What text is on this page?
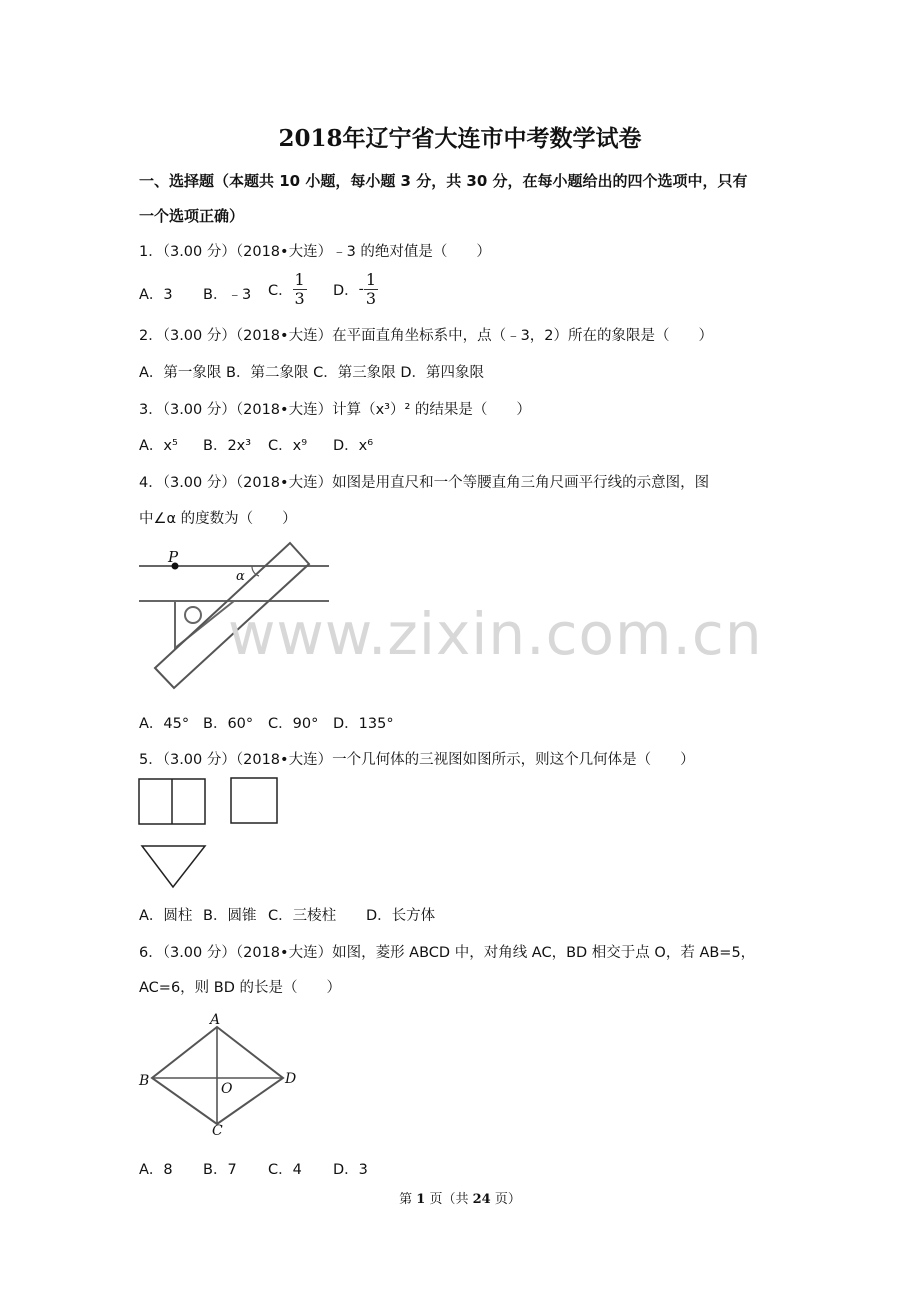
2018年辽宁省大连市中考数学试卷
一、选择题（本题共 10 小题，每小题 3 分，共 30 分，在每小题给出的四个选项中，只有
一个选项正确）
1．（3.00 分）（2018•大连）﹣3 的绝对值是（　　）
A．3 B．﹣3 C． $\frac{1}{3}$ D．- $\frac{1}{3}$
2．（3.00 分）（2018•大连）在平面直角坐标系中，点（﹣3，2）所在的象限是（　　）
A．第一象限 B．第二象限 C．第三象限 D．第四象限
3．（3.00 分）（2018•大连）计算（x³）² 的结果是（　　）
A．x⁵ B．2x³ C．x⁹ D．x⁶
4．（3.00 分）（2018•大连）如图是用直尺和一个等腰直角三角尺画平行线的示意图，图
中∠α 的度数为（　　）
P
α
A．45° B．60° C．90° D．135°
5．（3.00 分）（2018•大连）一个几何体的三视图如图所示，则这个几何体是（　　）
A．圆柱 B．圆锥 C．三棱柱 D．长方体
6．（3.00 分）（2018•大连）如图，菱形 ABCD 中，对角线 AC，BD 相交于点 O，若 AB=5，
AC=6，则 BD 的长是（　　）
A
B	D
O
C
A．8 B．7 C．4 D．3
www.zixin.com.cn
第 1 页（共 24 页）
